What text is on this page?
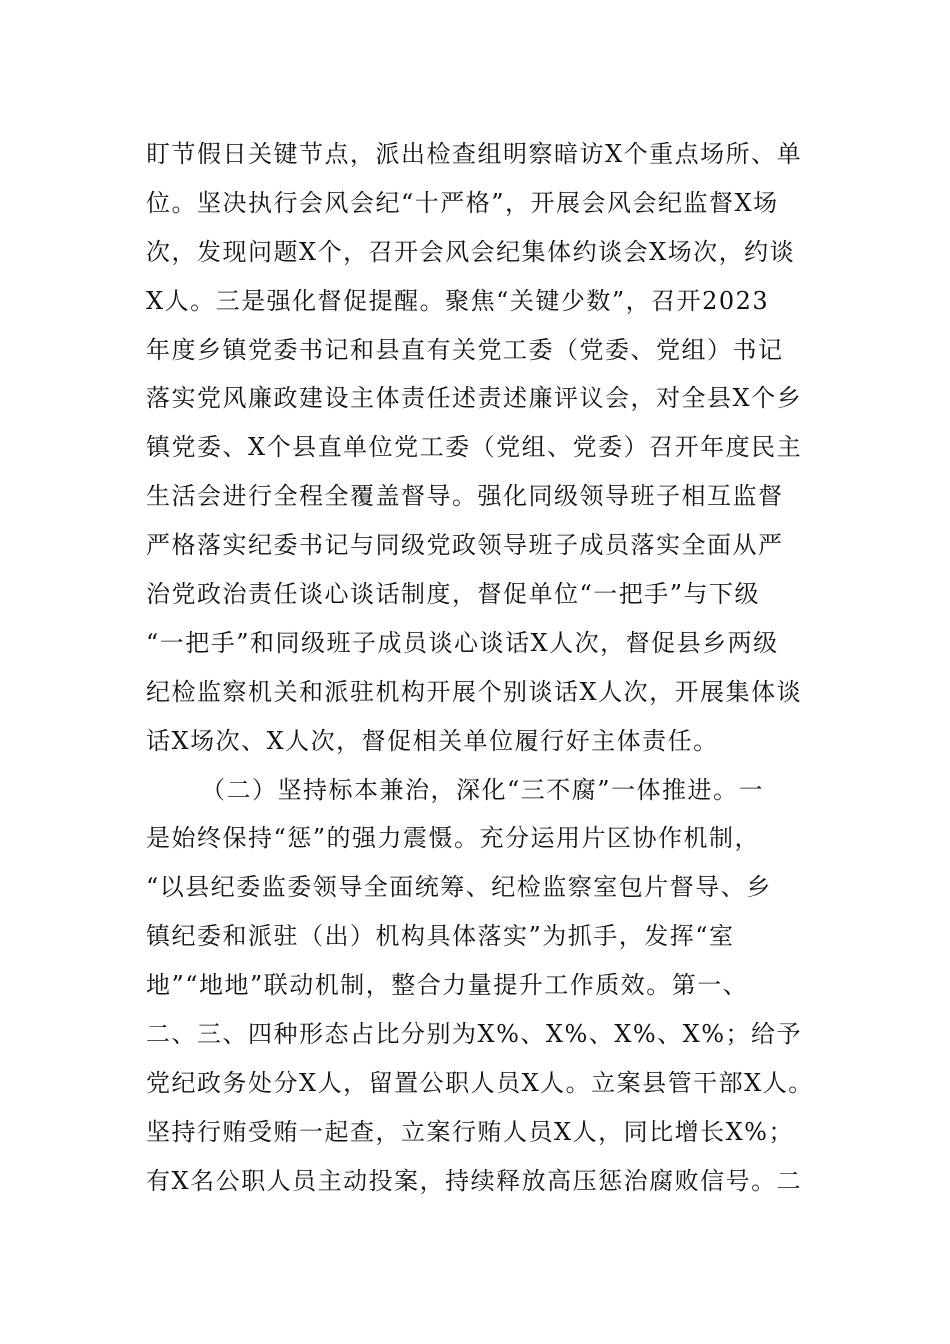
盯节假日关键节点，派出检查组明察暗访X个重点场所、单
位。坚决执行会风会纪“十严格”，开展会风会纪监督X场
次，发现问题X个，召开会风会纪集体约谈会X场次，约谈
X人。三是强化督促提醒。聚焦“关键少数”，召开2023
年度乡镇党委书记和县直有关党工委（党委、党组）书记
落实党风廉政建设主体责任述责述廉评议会，对全县X个乡
镇党委、X个县直单位党工委（党组、党委）召开年度民主
生活会进行全程全覆盖督导。强化同级领导班子相互监督
严格落实纪委书记与同级党政领导班子成员落实全面从严
治党政治责任谈心谈话制度，督促单位“一把手”与下级
“一把手”和同级班子成员谈心谈话X人次，督促县乡两级
纪检监察机关和派驻机构开展个别谈话X人次，开展集体谈
话X场次、X人次，督促相关单位履行好主体责任。
（二）坚持标本兼治，深化“三不腐”一体推进。一
是始终保持“惩”的强力震慑。充分运用片区协作机制，
“以县纪委监委领导全面统筹、纪检监察室包片督导、乡
镇纪委和派驻（出）机构具体落实”为抓手，发挥“室
地”“地地”联动机制，整合力量提升工作质效。第一、
二、三、四种形态占比分别为X%、X%、X%、X%；给予
党纪政务处分X人，留置公职人员X人。立案县管干部X人。
坚持行贿受贿一起查，立案行贿人员X人，同比增长X%；
有X名公职人员主动投案，持续释放高压惩治腐败信号。二
